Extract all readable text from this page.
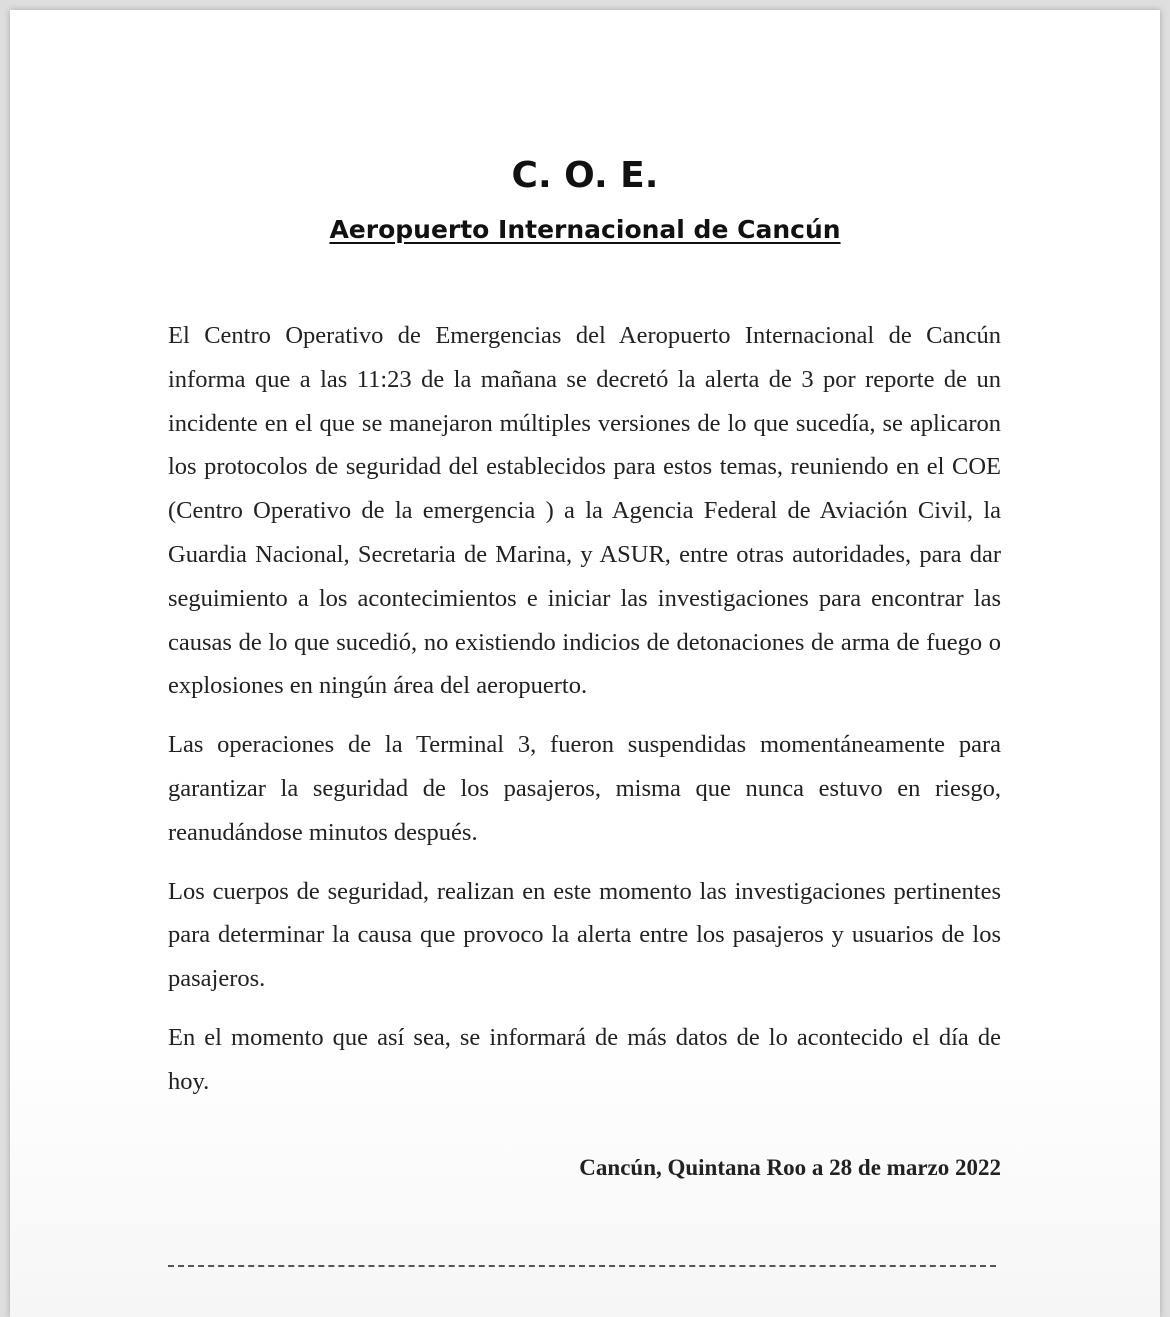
C. O. E.
Aeropuerto Internacional de Cancún

El Centro Operativo de Emergencias del Aeropuerto Internacional de Cancún informa que a las 11:23 de la mañana se decretó la alerta de 3 por reporte de un incidente en el que se manejaron múltiples versiones de lo que sucedía, se aplicaron los protocolos de seguridad del establecidos para estos temas, reuniendo en el COE (Centro Operativo de la emergencia ) a la Agencia Federal de Aviación Civil, la Guardia Nacional, Secretaria de Marina, y ASUR, entre otras autoridades, para dar seguimiento a los acontecimientos e iniciar las investigaciones para encontrar las causas de lo que sucedió, no existiendo indicios de detonaciones de arma de fuego o explosiones en ningún área del aeropuerto.

Las operaciones de la Terminal 3, fueron suspendidas momentáneamente para garantizar la seguridad de los pasajeros, misma que nunca estuvo en riesgo, reanudándose minutos después.

Los cuerpos de seguridad, realizan en este momento las investigaciones pertinentes para determinar la causa que provoco la alerta entre los pasajeros y usuarios de los pasajeros.

En el momento que así sea, se informará de más datos de lo acontecido el día de hoy.

Cancún, Quintana Roo a 28 de marzo 2022
